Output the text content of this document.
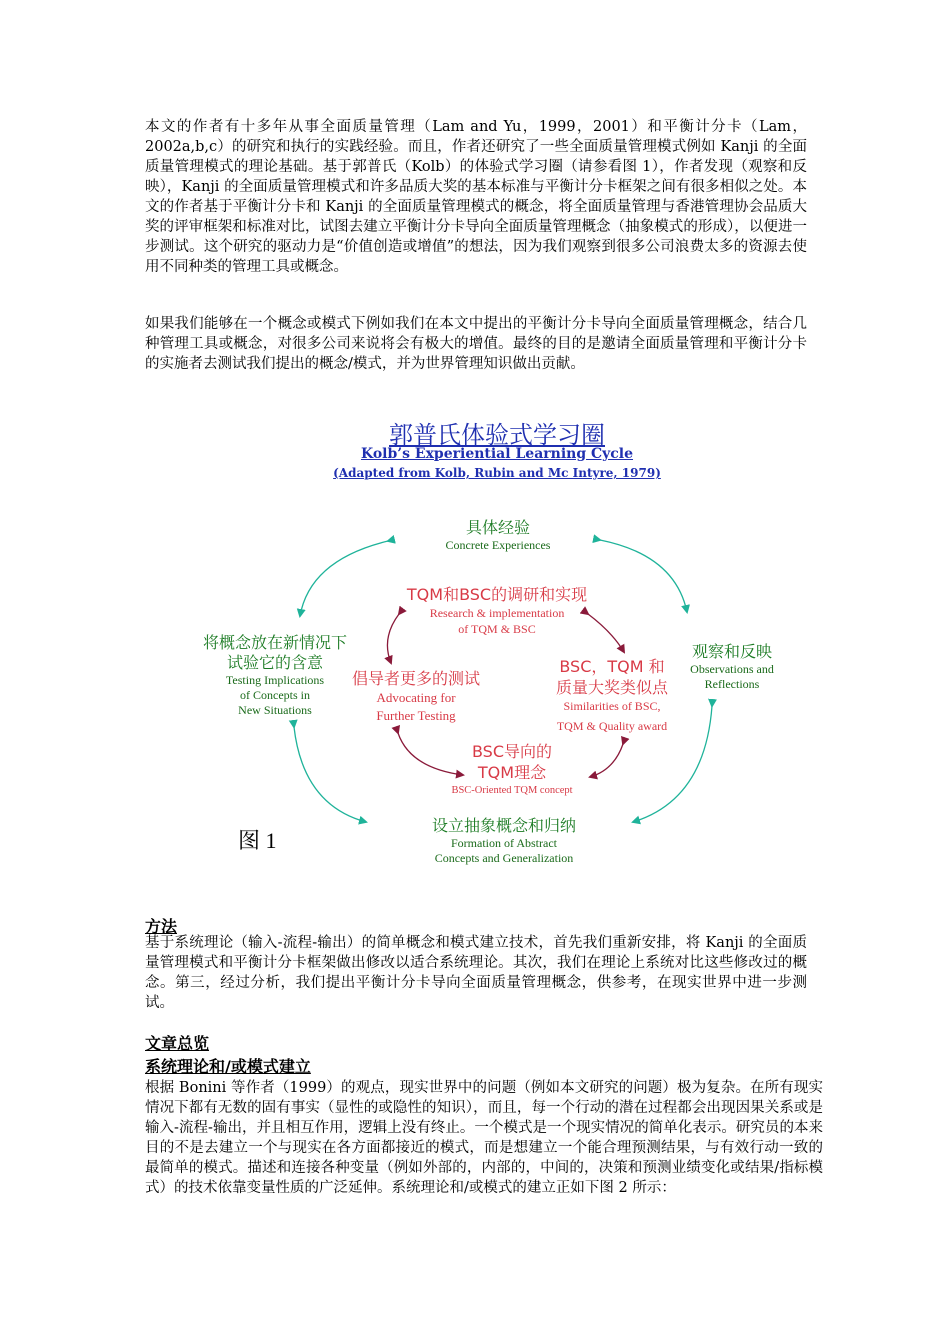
本文的作者有十多年从事全面质量管理（Lam and Yu，1999，2001）和平衡计分卡（Lam，2002a,b,c）的研究和执行的实践经验。而且，作者还研究了一些全面质量管理模式例如 Kanji 的全面质量管理模式的理论基础。基于郭普氏（Kolb）的体验式学习圈（请参看图 1），作者发现（观察和反映），Kanji 的全面质量管理模式和许多品质大奖的基本标准与平衡计分卡框架之间有很多相似之处。本文的作者基于平衡计分卡和 Kanji 的全面质量管理模式的概念，将全面质量管理与香港管理协会品质大奖的评审框架和标准对比，试图去建立平衡计分卡导向全面质量管理概念（抽象模式的形成），以便进一步测试。这个研究的驱动力是“价值创造或增值”的想法，因为我们观察到很多公司浪费太多的资源去使用不同种类的管理工具或概念。

如果我们能够在一个概念或模式下例如我们在本文中提出的平衡计分卡导向全面质量管理概念，结合几种管理工具或概念，对很多公司来说将会有极大的增值。最终的目的是邀请全面质量管理和平衡计分卡的实施者去测试我们提出的概念/模式，并为世界管理知识做出贡献。

郭普氏体验式学习圈
Kolb’s Experiential Learning Cycle
(Adapted from Kolb, Rubin and Mc Intyre, 1979)
具体经验
Concrete Experiences
观察和反映
Observations and
Reflections
设立抽象概念和归纳
Formation of Abstract
Concepts and Generalization
将概念放在新情况下
试验它的含意
Testing Implications
of Concepts in
New Situations
TQM和BSC的调研和实现
Research & implementation
of TQM & BSC
BSC，TQM 和
质量大奖类似点
Similarities of BSC,
TQM & Quality award
BSC导向的
TQM理念
BSC-Oriented TQM concept
倡导者更多的测试
Advocating for
Further Testing
图 1
方法

基于系统理论（输入-流程-输出）的简单概念和模式建立技术，首先我们重新安排，将 Kanji 的全面质量管理模式和平衡计分卡框架做出修改以适合系统理论。其次，我们在理论上系统对比这些修改过的概念。第三，经过分析，我们提出平衡计分卡导向全面质量管理概念，供参考，在现实世界中进一步测试。

文章总览
系统理论和/或模式建立

根据 Bonini 等作者（1999）的观点，现实世界中的问题（例如本文研究的问题）极为复杂。在所有现实情况下都有无数的固有事实（显性的或隐性的知识），而且，每一个行动的潜在过程都会出现因果关系或是输入-流程-输出，并且相互作用，逻辑上没有终止。一个模式是一个现实情况的简单化表示。研究员的本来目的不是去建立一个与现实在各方面都接近的模式，而是想建立一个能合理预测结果，与有效行动一致的最简单的模式。描述和连接各种变量（例如外部的，内部的，中间的，决策和预测业绩变化或结果/指标模式）的技术依靠变量性质的广泛延伸。系统理论和/或模式的建立正如下图 2 所示：
